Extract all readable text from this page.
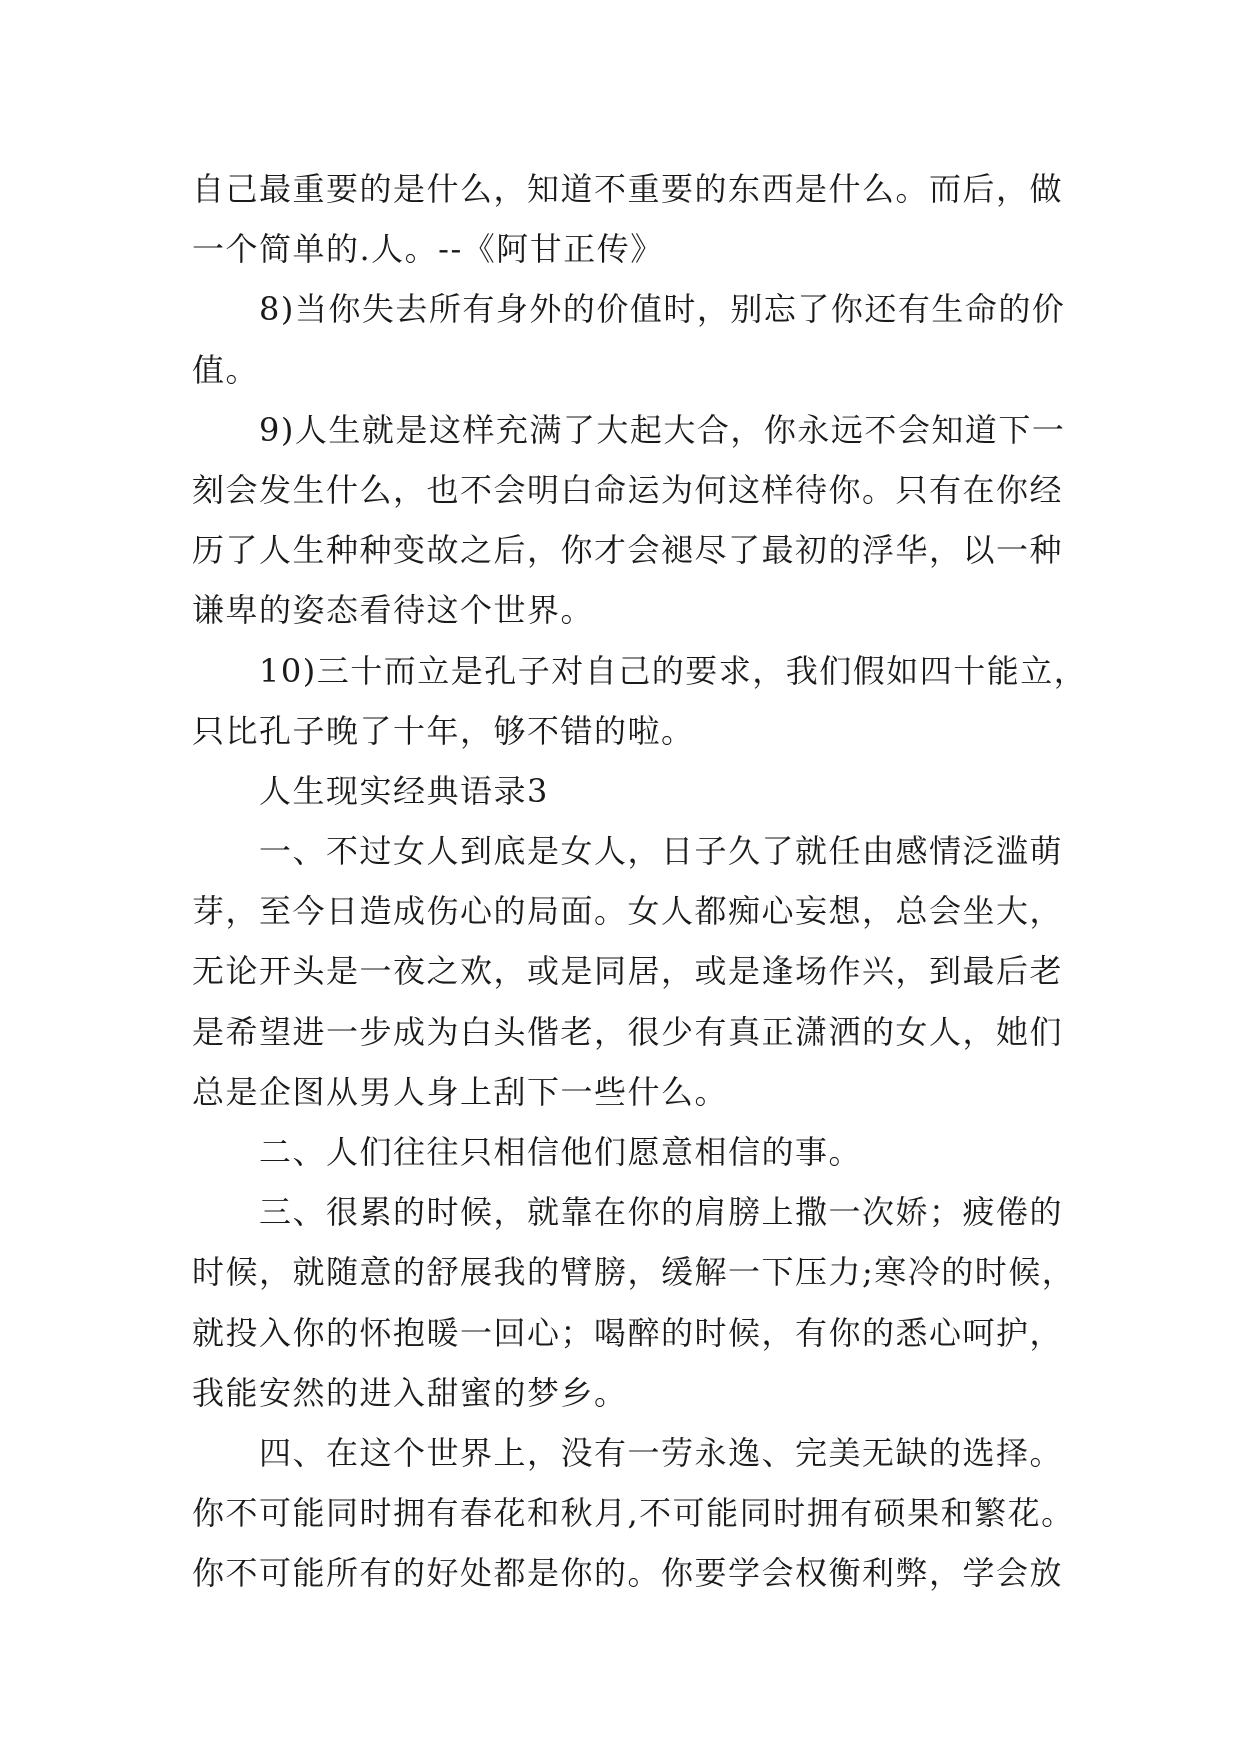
自己最重要的是什么，知道不重要的东西是什么。而后，做
一个简单的.人。--《阿甘正传》
　　8)当你失去所有身外的价值时，别忘了你还有生命的价
值。
　　9)人生就是这样充满了大起大合，你永远不会知道下一
刻会发生什么，也不会明白命运为何这样待你。只有在你经
历了人生种种变故之后，你才会褪尽了最初的浮华，以一种
谦卑的姿态看待这个世界。
　　10)三十而立是孔子对自己的要求，我们假如四十能立，
只比孔子晚了十年，够不错的啦。
　　人生现实经典语录3
　　一、不过女人到底是女人，日子久了就任由感情泛滥萌
芽，至今日造成伤心的局面。女人都痴心妄想，总会坐大，
无论开头是一夜之欢，或是同居，或是逢场作兴，到最后老
是希望进一步成为白头偕老，很少有真正潇洒的女人，她们
总是企图从男人身上刮下一些什么。
　　二、人们往往只相信他们愿意相信的事。
　　三、很累的时候，就靠在你的肩膀上撒一次娇；疲倦的
时候，就随意的舒展我的臂膀，缓解一下压力;寒冷的时候，
就投入你的怀抱暖一回心；喝醉的时候，有你的悉心呵护，
我能安然的进入甜蜜的梦乡。
　　四、在这个世界上，没有一劳永逸、完美无缺的选择。
你不可能同时拥有春花和秋月,不可能同时拥有硕果和繁花。
你不可能所有的好处都是你的。你要学会权衡利弊，学会放
